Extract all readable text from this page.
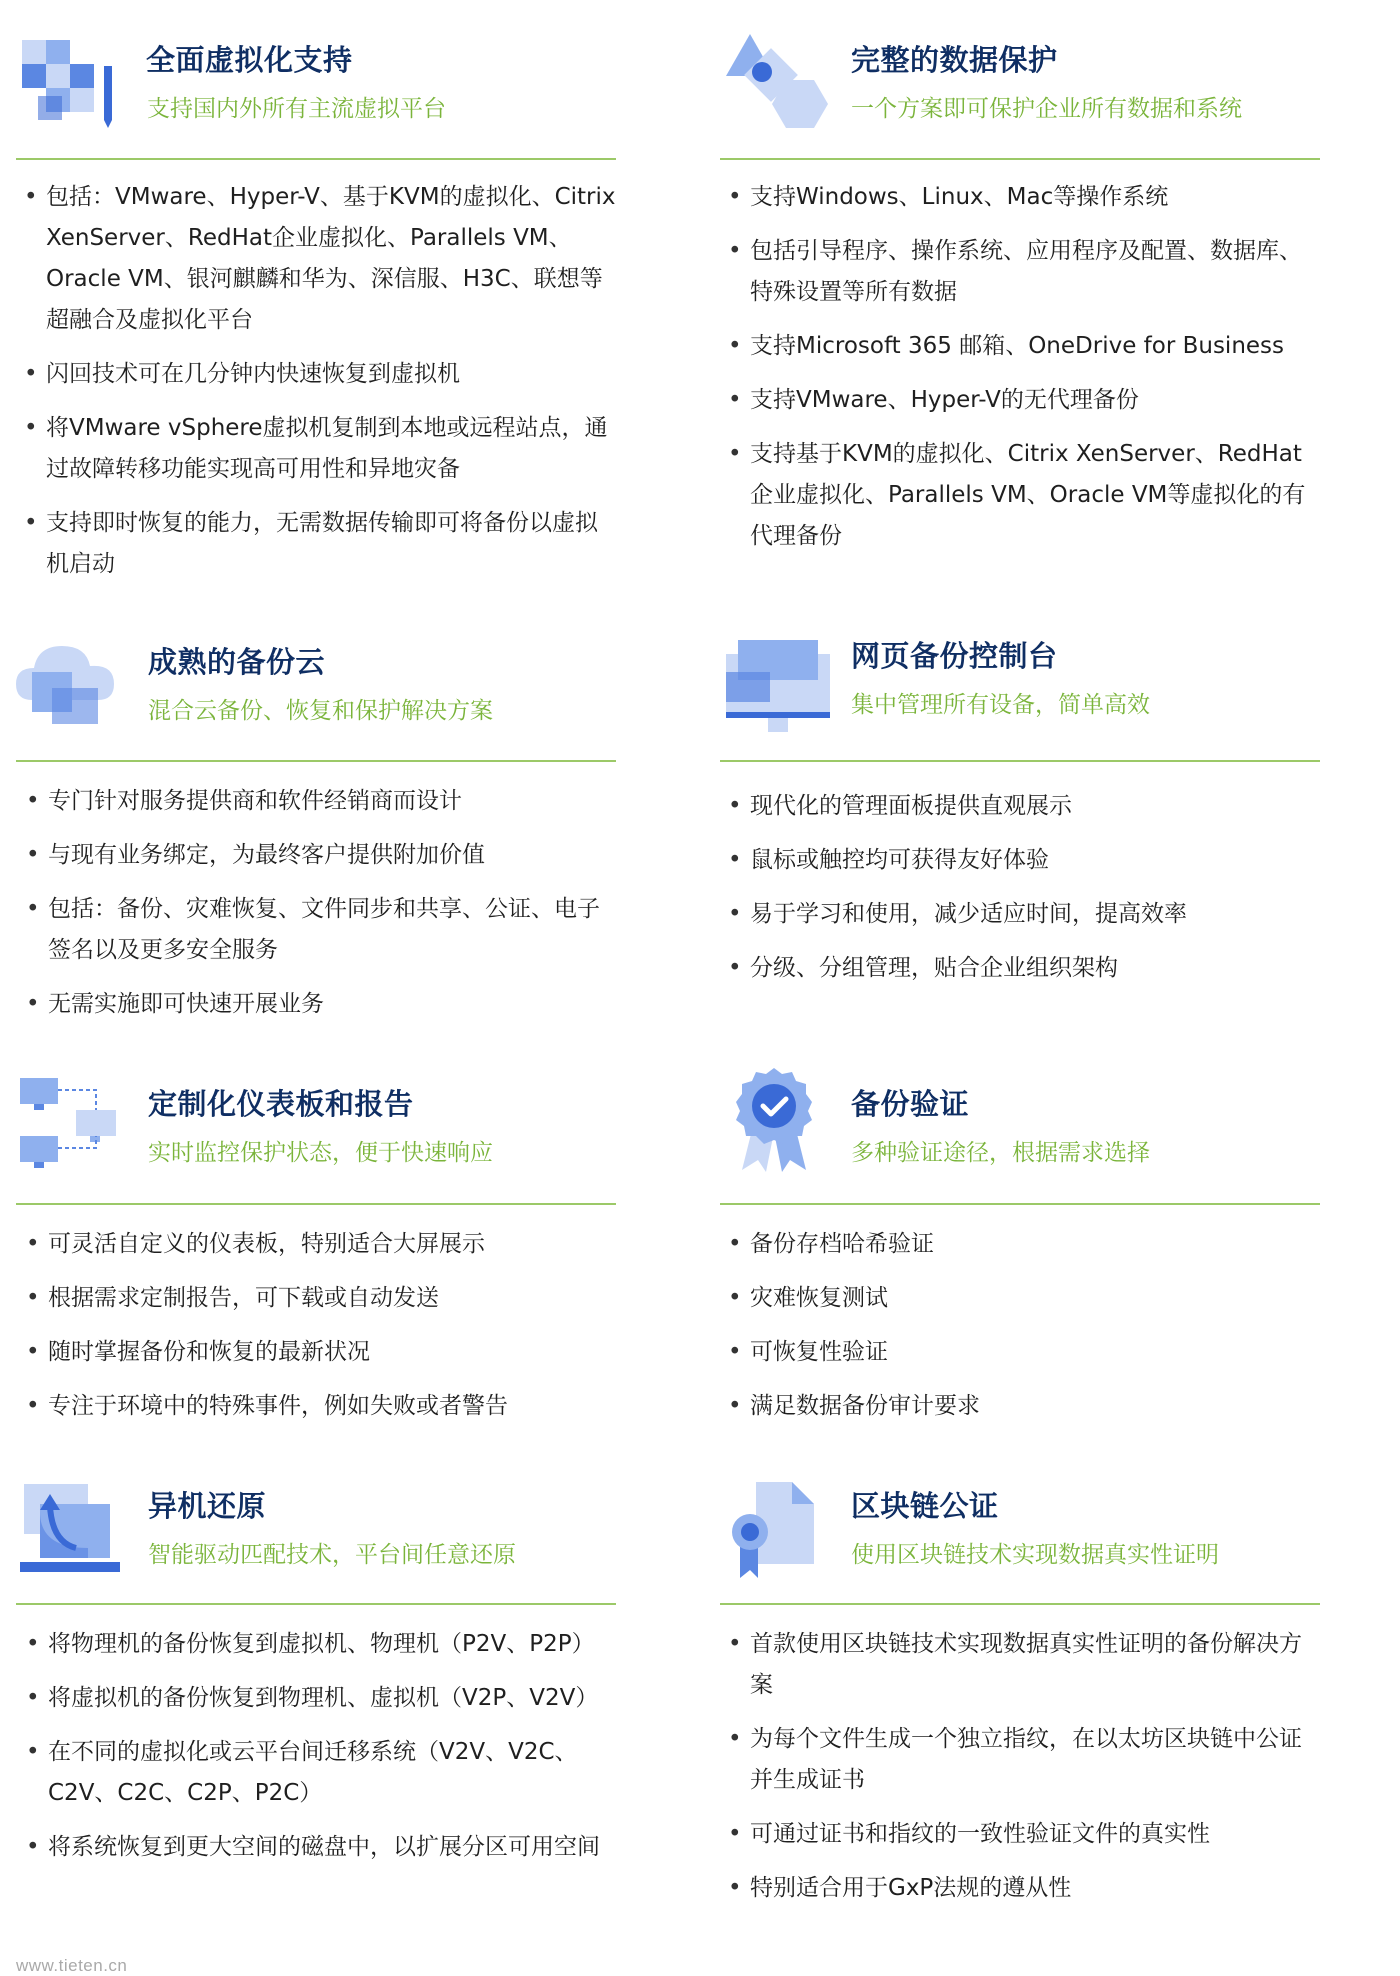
全面虚拟化支持

支持国内外所有主流虚拟平台

• 包括：VMware、Hyper-V、基于KVM的虚拟化、Citrix XenServer、RedHat企业虚拟化、Parallels VM、Oracle VM、银河麒麟和华为、深信服、H3C、联想等超融合及虚拟化平台
• 闪回技术可在几分钟内快速恢复到虚拟机
• 将VMware vSphere虚拟机复制到本地或远程站点，通过故障转移功能实现高可用性和异地灾备
• 支持即时恢复的能力，无需数据传输即可将备份以虚拟机启动
完整的数据保护

一个方案即可保护企业所有数据和系统

• 支持Windows、Linux、Mac等操作系统
• 包括引导程序、操作系统、应用程序及配置、数据库、特殊设置等所有数据
• 支持Microsoft 365 邮箱、OneDrive for Business
• 支持VMware、Hyper-V的无代理备份
• 支持基于KVM的虚拟化、Citrix XenServer、RedHat企业虚拟化、Parallels VM、Oracle VM等虚拟化的有代理备份
成熟的备份云

混合云备份、恢复和保护解决方案

• 专门针对服务提供商和软件经销商而设计
• 与现有业务绑定，为最终客户提供附加价值
• 包括：备份、灾难恢复、文件同步和共享、公证、电子签名以及更多安全服务
• 无需实施即可快速开展业务
网页备份控制台

集中管理所有设备，简单高效

• 现代化的管理面板提供直观展示
• 鼠标或触控均可获得友好体验
• 易于学习和使用，减少适应时间，提高效率
• 分级、分组管理，贴合企业组织架构
定制化仪表板和报告

实时监控保护状态，便于快速响应

• 可灵活自定义的仪表板，特别适合大屏展示
• 根据需求定制报告，可下载或自动发送
• 随时掌握备份和恢复的最新状况
• 专注于环境中的特殊事件，例如失败或者警告
备份验证

多种验证途径，根据需求选择

• 备份存档哈希验证
• 灾难恢复测试
• 可恢复性验证
• 满足数据备份审计要求
异机还原

智能驱动匹配技术，平台间任意还原

• 将物理机的备份恢复到虚拟机、物理机（P2V、P2P）
• 将虚拟机的备份恢复到物理机、虚拟机（V2P、V2V）
• 在不同的虚拟化或云平台间迁移系统（V2V、V2C、C2V、C2C、C2P、P2C）
• 将系统恢复到更大空间的磁盘中，以扩展分区可用空间
区块链公证

使用区块链技术实现数据真实性证明

• 首款使用区块链技术实现数据真实性证明的备份解决方案
• 为每个文件生成一个独立指纹，在以太坊区块链中公证并生成证书
• 可通过证书和指纹的一致性验证文件的真实性
• 特别适合用于GxP法规的遵从性
www.tieten.cn
